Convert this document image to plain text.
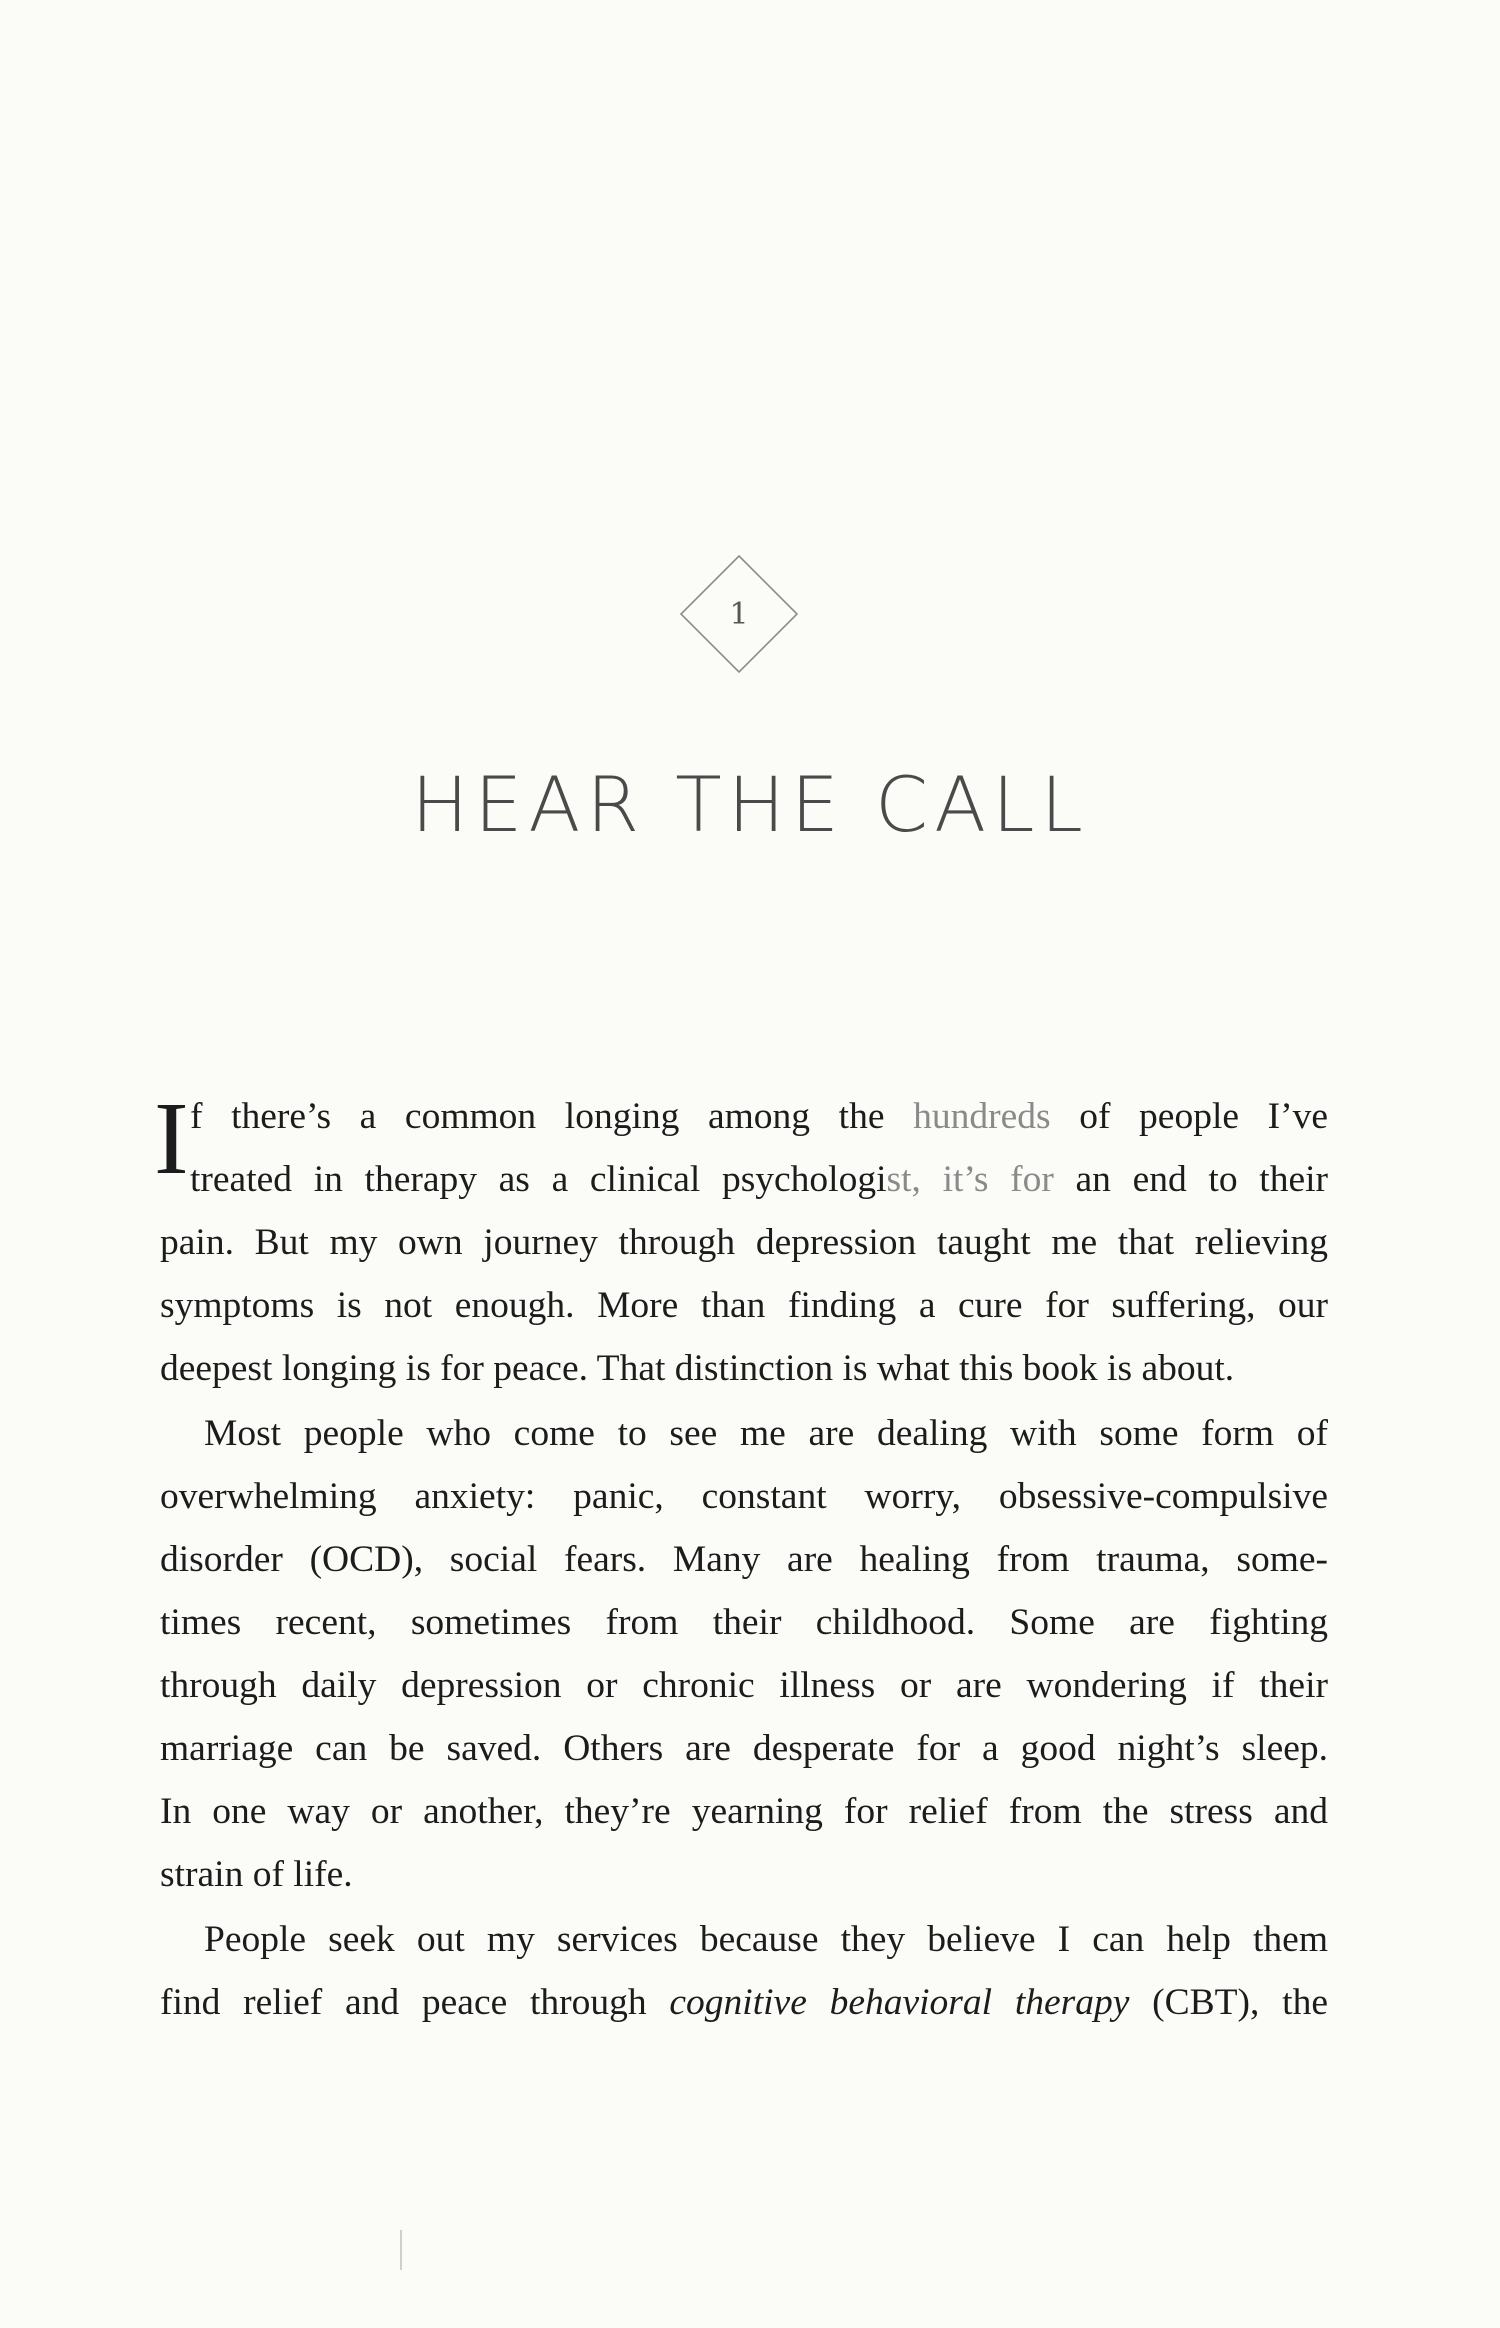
1
HEAR THE CALL
I f there’s a common longing among the hundreds of people I’ve
treated in therapy as a clinical psychologist, it’s for an end to their
pain. But my own journey through depression taught me that relieving
symptoms is not enough. More than finding a cure for suffering, our
deepest longing is for peace. That distinction is what this book is about.
Most people who come to see me are dealing with some form of
overwhelming anxiety: panic, constant worry, obsessive-compulsive
disorder (OCD), social fears. Many are healing from trauma, some-
times recent, sometimes from their childhood. Some are fighting
through daily depression or chronic illness or are wondering if their
marriage can be saved. Others are desperate for a good night’s sleep.
In one way or another, they’re yearning for relief from the stress and
strain of life.
People seek out my services because they believe I can help them
find relief and peace through cognitive behavioral therapy (CBT), the
